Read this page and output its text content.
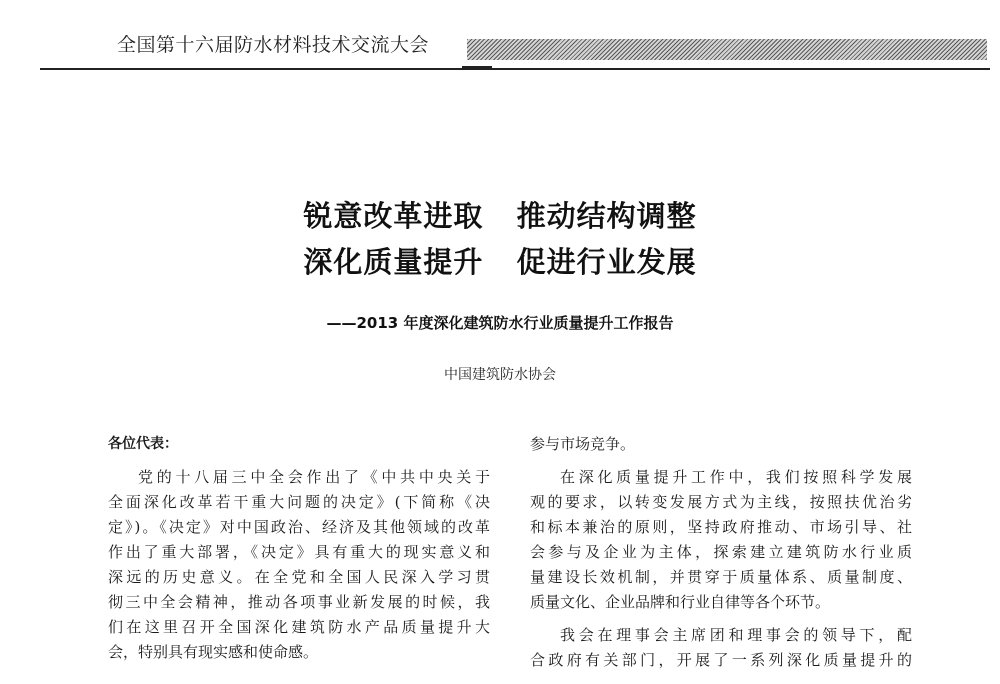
全国第十六届防水材料技术交流大会
锐意改革进取   推动结构调整
深化质量提升   促进行业发展
——2013 年度深化建筑防水行业质量提升工作报告
中国建筑防水协会
各位代表：
党的十八届三中全会作出了《中共中央关于
全面深化改革若干重大问题的决定》(下简称《决
定》)。《决定》对中国政治、经济及其他领域的改革
作出了重大部署，《决定》具有重大的现实意义和
深远的历史意义。在全党和全国人民深入学习贯
彻三中全会精神，推动各项事业新发展的时候，我
们在这里召开全国深化建筑防水产品质量提升大
会，特别具有现实感和使命感。
参与市场竞争。
在深化质量提升工作中，我们按照科学发展
观的要求，以转变发展方式为主线，按照扶优治劣
和标本兼治的原则，坚持政府推动、市场引导、社
会参与及企业为主体，探索建立建筑防水行业质
量建设长效机制，并贯穿于质量体系、质量制度、
质量文化、企业品牌和行业自律等各个环节。
我会在理事会主席团和理事会的领导下，配
合政府有关部门，开展了一系列深化质量提升的
